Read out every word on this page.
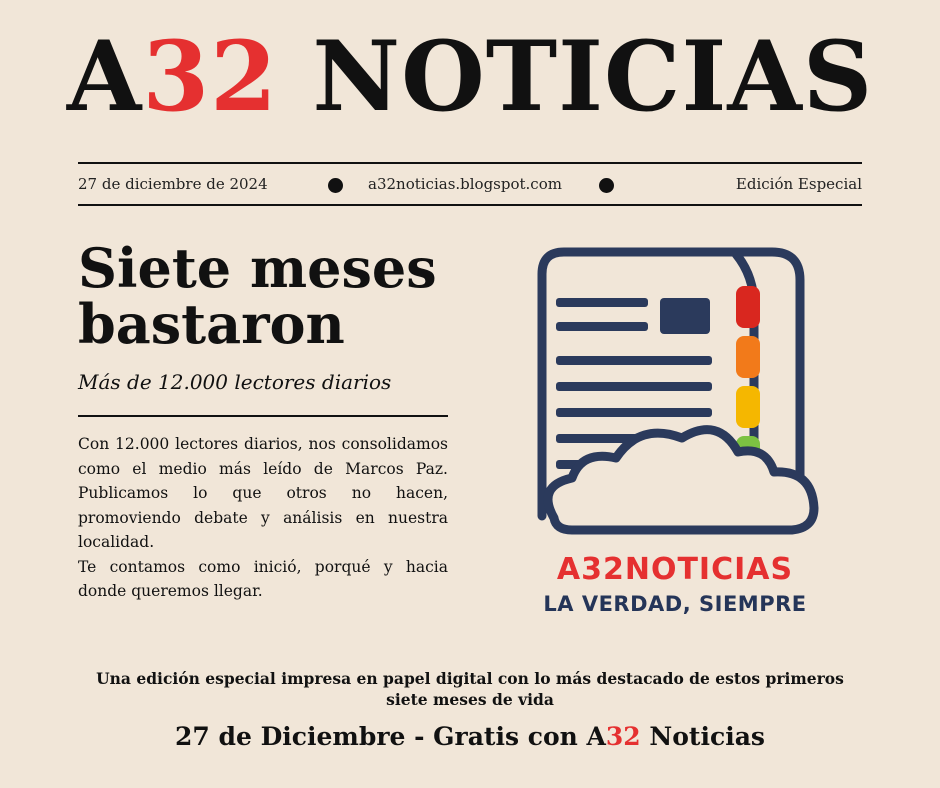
A32 NOTICIAS
27 de diciembre de 2024	a32noticias.blogspot.com	Edición Especial
Siete meses bastaron
Más de 12.000 lectores diarios

Con 12.000 lectores diarios, nos consolidamos como el medio más leído de Marcos Paz. Publicamos lo que otros no hacen, promoviendo debate y análisis en nuestra localidad.

Te contamos como inició, porqué y hacia donde queremos llegar.

A32NOTICIAS
LA VERDAD, SIEMPRE
Una edición especial impresa en papel digital con lo más destacado de estos primeros siete meses de vida
27 de Diciembre - Gratis con A32 Noticias
